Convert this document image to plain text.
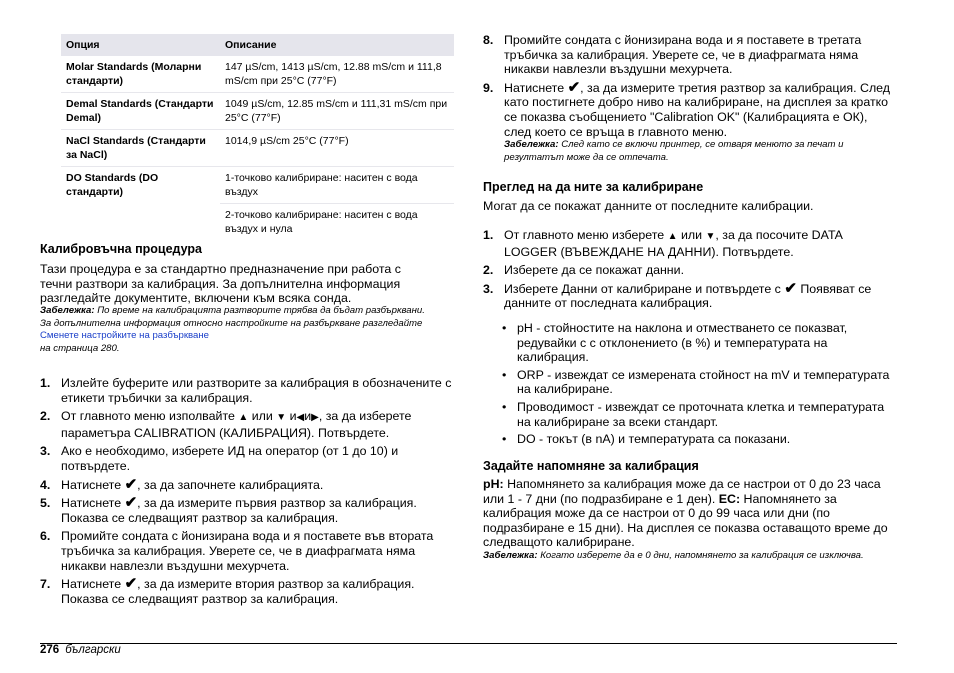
Опция	Описание
Molar Standards (Моларни стандарти)	147 µS/cm, 1413 µS/cm, 12.88 mS/cm и 111,8 mS/cm при 25°C (77°F)
Demal Standards (Стандарти Demal)	1049 µS/cm, 12.85 mS/cm и 111,31 mS/cm при 25°C (77°F)
NaCl Standards (Стандарти за NaCl)	1014,9 µS/cm 25°C (77°F)
DO Standards (DO стандарти)	1-точково калибриране: наситен с вода въздух
	2-точково калибриране: наситен с вода въздух и нула
Калибровъчна процедура
Тази процедура е за стандартно предназначение при работа с течни разтвори за калибрация. За допълнителна информация разгледайте документите, включени към всяка сонда.
Забележка: По време на калибрацията разтворите трябва да бъдат разбърквани. За допълнителна информация относно настройките на разбъркване разгледайте Сменете настройките на разбъркване
на страница 280.
1. Излейте буферите или разтворите за калибрация в обозначените с етикети тръбички за калибрация.
2. От главното меню изполвайте ▲ или ▼ и◀и▶, за да изберете параметъра CALIBRATION (КАЛИБРАЦИЯ). Потвърдете.
3. Ако е необходимо, изберете ИД на оператор (от 1 до 10) и потвърдете.
4. Натиснете ✔, за да започнете калибрацията.
5. Натиснете ✔, за да измерите първия разтвор за калибрация. Показва се следващият разтвор за калибрация.
6. Промийте сондата с йонизирана вода и я поставете във втората тръбичка за калибрация. Уверете се, че в диафрагмата няма никакви навлезли въздушни мехурчета.
7. Натиснете ✔, за да измерите втория разтвор за калибрация. Показва се следващият разтвор за калибрация.
8. Промийте сондата с йонизирана вода и я поставете в третата тръбичка за калибрация. Уверете се, че в диафрагмата няма никакви навлезли въздушни мехурчета.
9. Натиснете ✔, за да измерите третия разтвор за калибрация. След като постигнете добро ниво на калибриране, на дисплея за кратко се показва съобщението "Calibration OK" (Калибрацията е ОК), след което се връща в главното меню.
Забележка: След като се включи принтер, се отваря менюто за печат и резултатът може да се отпечата.
Преглед на да ните за калибриране
Могат да се покажат данните от последните калибрации.
1. От главното меню изберете ▲ или ▼, за да посочите DATA LOGGER (ВЪВЕЖДАНЕ НА ДАННИ). Потвърдете.
2. Изберете да се покажат данни.
3. Изберете Данни от калибриране и потвърдете с ✔ Появяват се данните от последната калибрация.
• pH - стойностите на наклона и отместването се показват, редувайки с с отклонението (в %) и температурата на калибрация.
• ORP - извеждат се измерената стойност на mV и температурата на калибриране.
• Проводимост - извеждат се проточната клетка и температурата на калибриране за всеки стандарт.
• DO - токът (в nA) и температурата са показани.
Задайте напомняне за калибрация
pH: Напомнянето за калибрация може да се настрои от 0 до 23 часа или 1 - 7 дни (по подразбиране е 1 ден). EC: Напомнянето за калибрация може да се настрои от 0 до 99 часа или дни (по подразбиране е 15 дни). На дисплея се показва оставащото време до следващото калибриране.
Забележка: Когато изберете да е 0 дни, напомнянето за калибрация се изключва.
276 български
